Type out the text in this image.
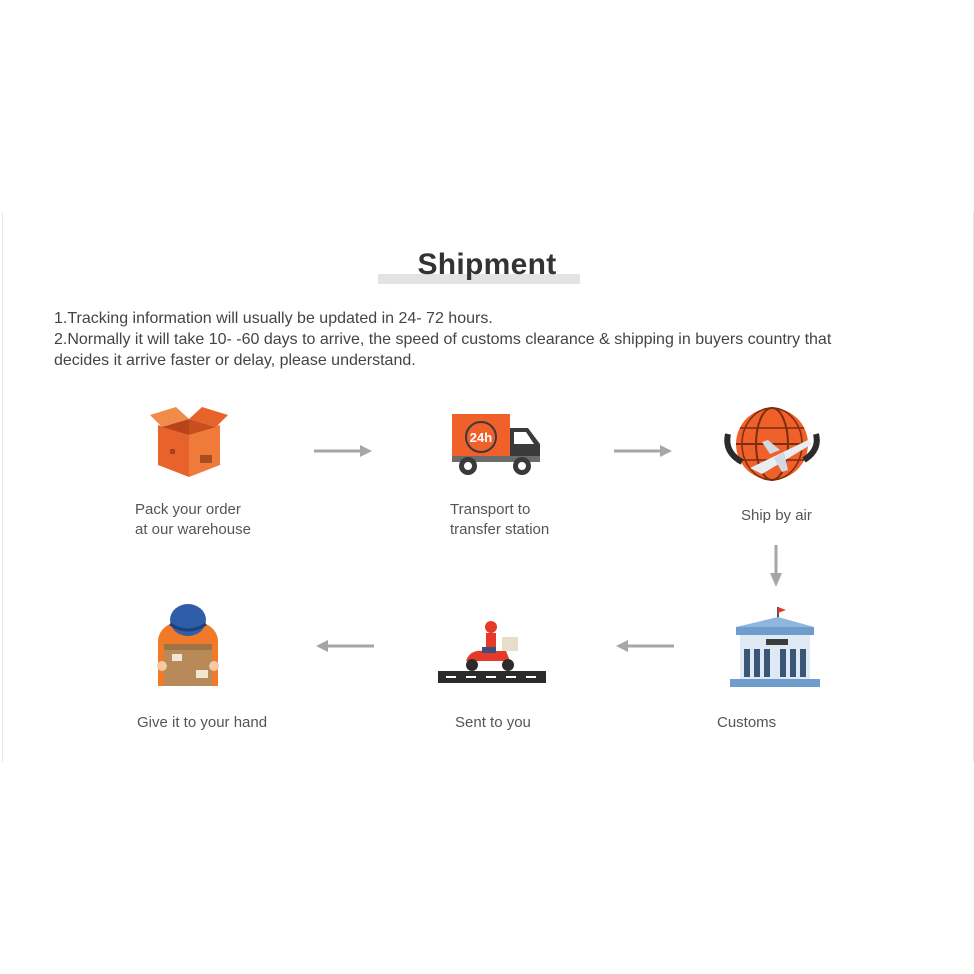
Shipment
1.Tracking information will usually be updated in 24- 72 hours.
2.Normally it will take 10- -60 days to arrive, the speed of customs clearance & shipping in buyers country that
decides it arrive faster or delay, please understand.
Pack your order
at our warehouse
24h
Transport to
transfer station
Ship by air
Customs
Sent to you
Give it to your hand
